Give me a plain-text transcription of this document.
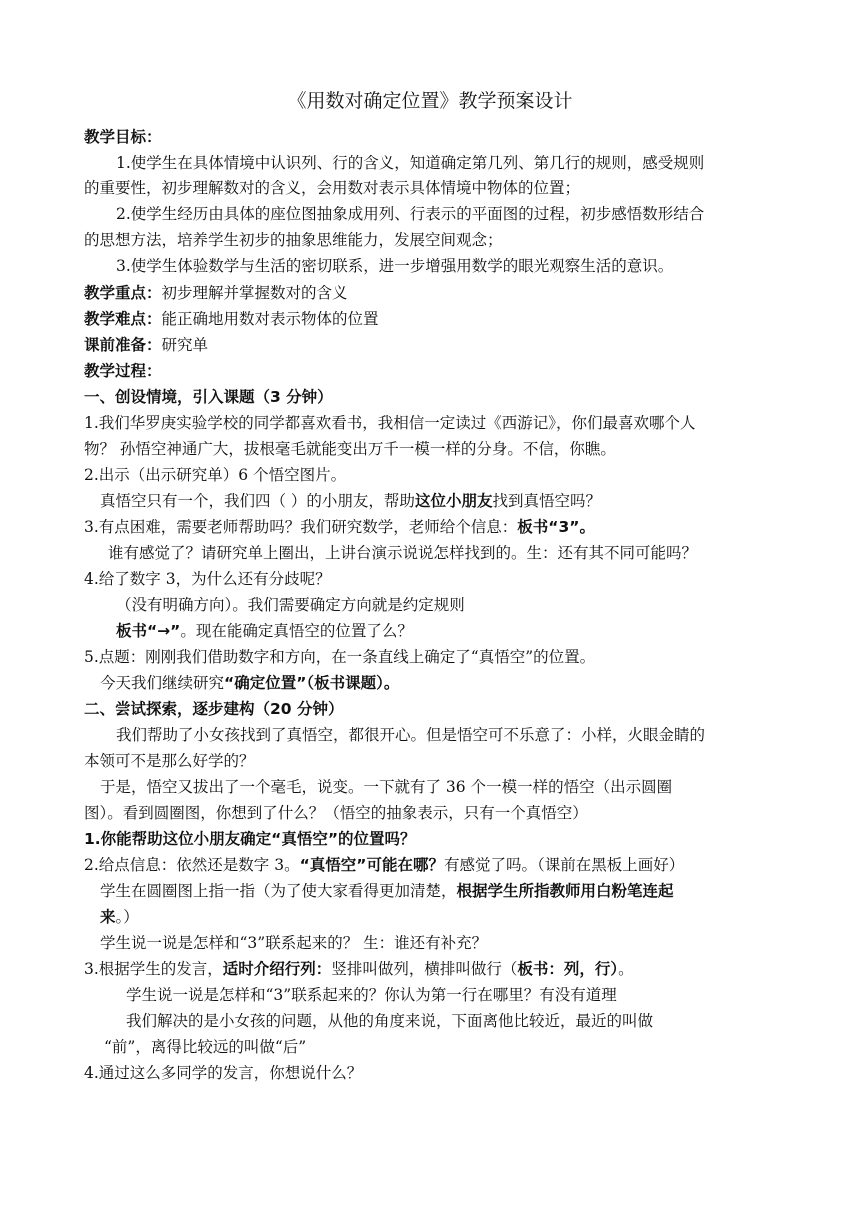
《用数对确定位置》教学预案设计
教学目标：
1.使学生在具体情境中认识列、行的含义，知道确定第几列、第几行的规则，感受规则
的重要性，初步理解数对的含义，会用数对表示具体情境中物体的位置；
2.使学生经历由具体的座位图抽象成用列、行表示的平面图的过程，初步感悟数形结合
的思想方法，培养学生初步的抽象思维能力，发展空间观念；
3.使学生体验数学与生活的密切联系，进一步增强用数学的眼光观察生活的意识。
教学重点：初步理解并掌握数对的含义
教学难点：能正确地用数对表示物体的位置
课前准备：研究单
教学过程：
一、创设情境，引入课题（3 分钟）
1.我们华罗庚实验学校的同学都喜欢看书，我相信一定读过《西游记》，你们最喜欢哪个人
物？ 孙悟空神通广大，拔根毫毛就能变出万千一模一样的分身。不信，你瞧。
2.出示（出示研究单）6 个悟空图片。
真悟空只有一个，我们四（ ）的小朋友，帮助这位小朋友找到真悟空吗？
3.有点困难，需要老师帮助吗？我们研究数学，老师给个信息：板书“3”。
谁有感觉了？请研究单上圈出，上讲台演示说说怎样找到的。生：还有其不同可能吗？
4.给了数字 3，为什么还有分歧呢？
（没有明确方向）。我们需要确定方向就是约定规则
板书“→”。现在能确定真悟空的位置了么？
5.点题：刚刚我们借助数字和方向，在一条直线上确定了“真悟空”的位置。
今天我们继续研究“确定位置”（板书课题）。
二、尝试探索，逐步建构（20 分钟）
我们帮助了小女孩找到了真悟空，都很开心。但是悟空可不乐意了：小样，火眼金睛的
本领可不是那么好学的？
于是，悟空又拔出了一个毫毛，说变。一下就有了 36 个一模一样的悟空（出示圆圈
图）。看到圆圈图，你想到了什么？（悟空的抽象表示，只有一个真悟空）
1.你能帮助这位小朋友确定“真悟空”的位置吗？
2.给点信息：依然还是数字 3。“真悟空”可能在哪？有感觉了吗。（课前在黑板上画好）
学生在圆圈图上指一指（为了使大家看得更加清楚，根据学生所指教师用白粉笔连起
来。）
学生说一说是怎样和“3”联系起来的？ 生：谁还有补充？
3.根据学生的发言，适时介绍行列：竖排叫做列，横排叫做行（板书：列，行）。
学生说一说是怎样和“3”联系起来的？你认为第一行在哪里？有没有道理
我们解决的是小女孩的问题，从他的角度来说，下面离他比较近，最近的叫做
“前”，离得比较远的叫做“后”
4.通过这么多同学的发言，你想说什么？
